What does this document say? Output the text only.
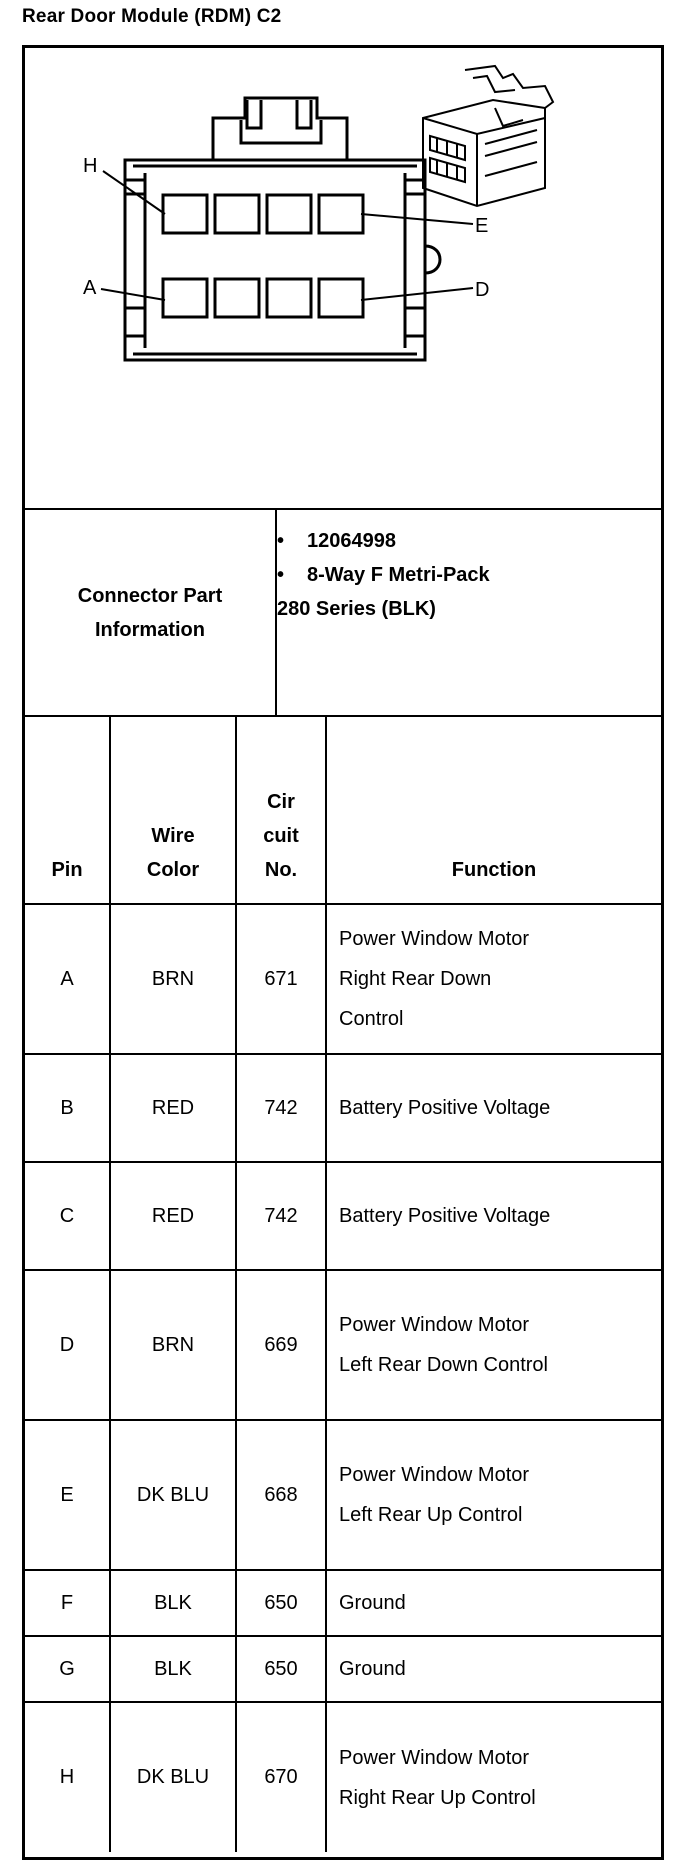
Rear Door Module (RDM) C2
H
A
E
D
Connector Part Information
•	12064998
•	8-Way F Metri-Pack
280 Series (BLK)
Pin	Wire Color	Cir cuit No.	Function
A	BRN	671	Power Window Motor Right Rear Down Control
B	RED	742	Battery Positive Voltage
C	RED	742	Battery Positive Voltage
D	BRN	669	Power Window Motor Left Rear Down Control
E	DK BLU	668	Power Window Motor Left Rear Up Control
F	BLK	650	Ground
G	BLK	650	Ground
H	DK BLU	670	Power Window Motor Right Rear Up Control
